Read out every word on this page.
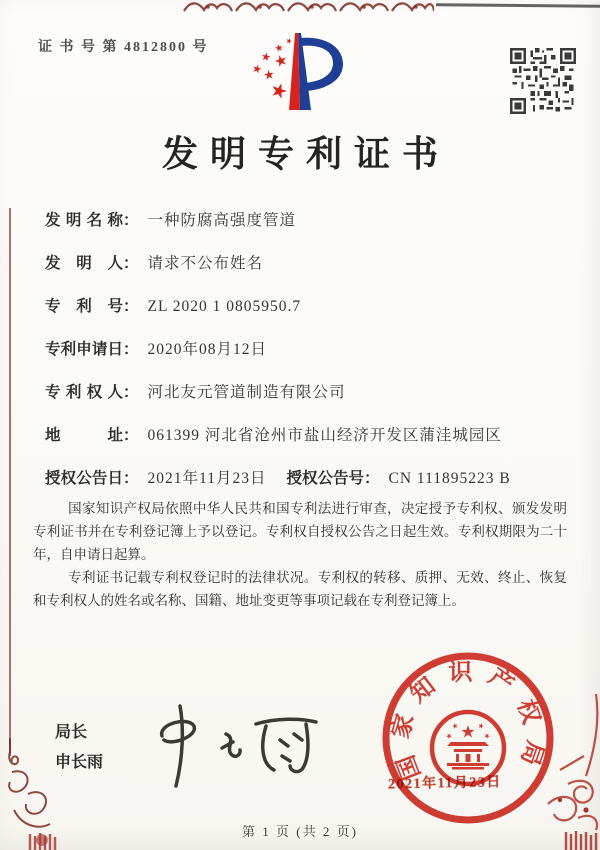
证 书 号 第 4812800 号
发明专利证书
发明名称： 一种防腐高强度管道
发明人： 请求不公布姓名
专利号： ZL 2020 1 0805950.7
专利申请日： 2020年08月12日
专利权人： 河北友元管道制造有限公司
地址： 061399 河北省沧州市盐山经济开发区蒲洼城园区
授权公告日： 2021年11月23日 授权公告号： CN 111895223 B

国家知识产权局依照中华人民共和国专利法进行审查，决定授予专利权、颁发发明专利证书并在专利登记簿上予以登记。专利权自授权公告之日起生效。专利权期限为二十年，自申请日起算。

专利证书记载专利权登记时的法律状况。专利权的转移、质押、无效、终止、恢复和专利权人的姓名或名称、国籍、地址变更等事项记载在专利登记簿上。

局长
申长雨	国家知识产权局
2021年11月23日
第 1 页 (共 2 页)
